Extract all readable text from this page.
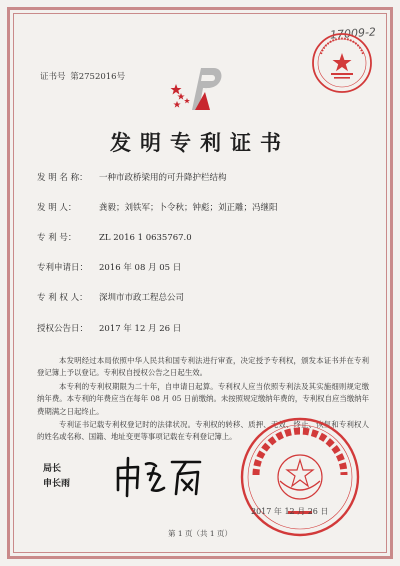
17009-2
证书号 第2752016号
发明专利证书
发 明 名 称： 一种市政桥梁用的可升降护栏结构
发 明 人：	龚毅；刘铁军；卜令秋；钟彪；刘正雕；冯继阳
专 利 号：	ZL 2016 1 0635767.0
专利申请日： 2016 年 08 月 05 日
专 利 权 人： 深圳市市政工程总公司
授权公告日： 2017 年 12 月 26 日

本发明经过本局依照中华人民共和国专利法进行审查，决定授予专利权，颁发本证书并在专利登记簿上予以登记。专利权自授权公告之日起生效。

本专利的专利权期限为二十年，自申请日起算。专利权人应当依照专利法及其实施细则规定缴纳年费。本专利的年费应当在每年 08 月 05 日前缴纳。未按照规定缴纳年费的，专利权自应当缴纳年费期满之日起终止。

专利证书记载专利权登记时的法律状况。专利权的转移、质押、无效、终止、恢复和专利权人的姓名或名称、国籍、地址变更等事项记载在专利登记簿上。

局长
申长雨
2017 年 12 月 26 日
第 1 页（共 1 页）
